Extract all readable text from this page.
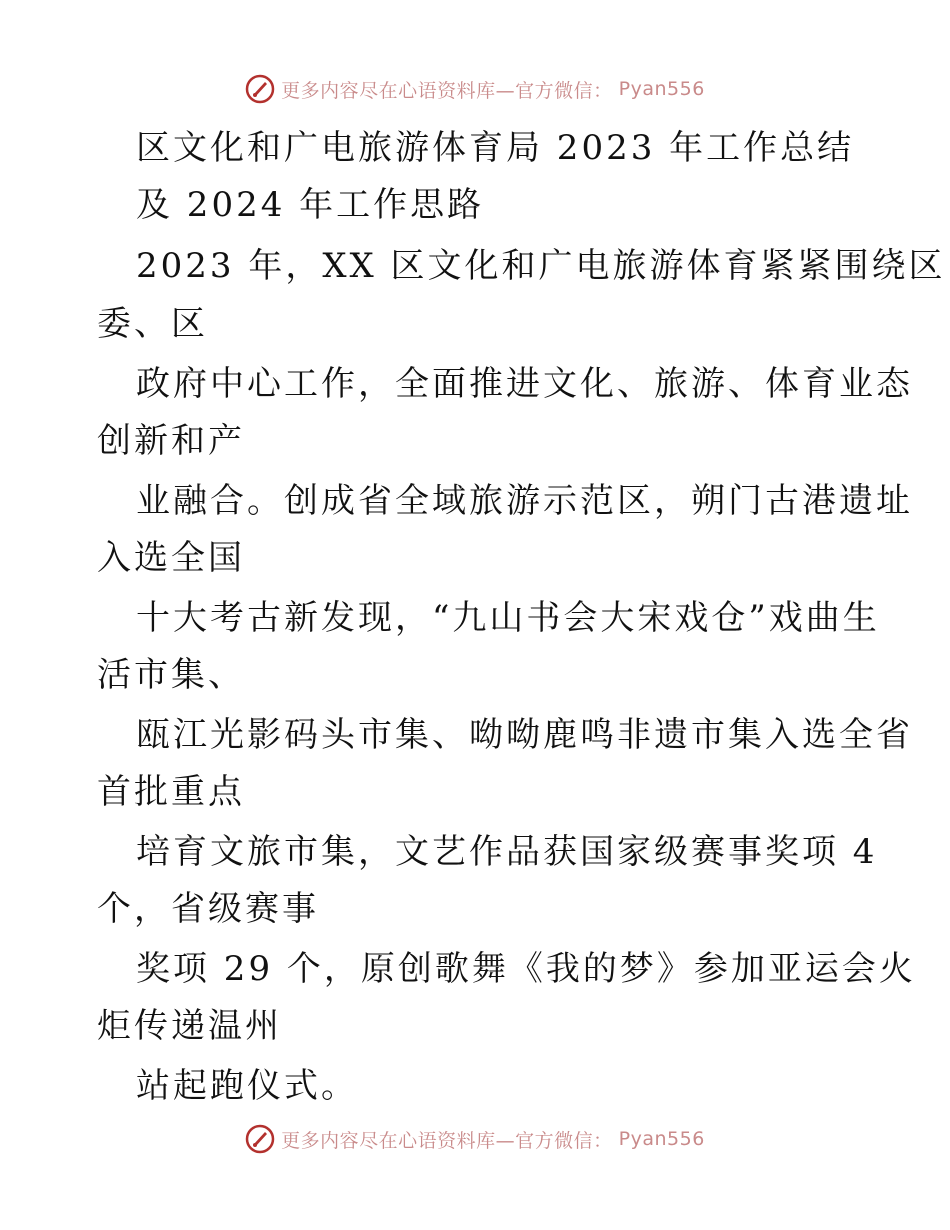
更多内容尽在心语资料库—官方微信： Pyan556
区文化和广电旅游体育局 2023 年工作总结
及 2024 年工作思路
2023 年，XX 区文化和广电旅游体育紧紧围绕区
委、区
政府中心工作，全面推进文化、旅游、体育业态
创新和产
业融合。创成省全域旅游示范区，朔门古港遗址
入选全国
十大考古新发现，“九山书会大宋戏仓”戏曲生
活市集、
瓯江光影码头市集、呦呦鹿鸣非遗市集入选全省
首批重点
培育文旅市集，文艺作品获国家级赛事奖项 4
个，省级赛事
奖项 29 个，原创歌舞《我的梦》参加亚运会火
炬传递温州
站起跑仪式。
更多内容尽在心语资料库—官方微信： Pyan556
